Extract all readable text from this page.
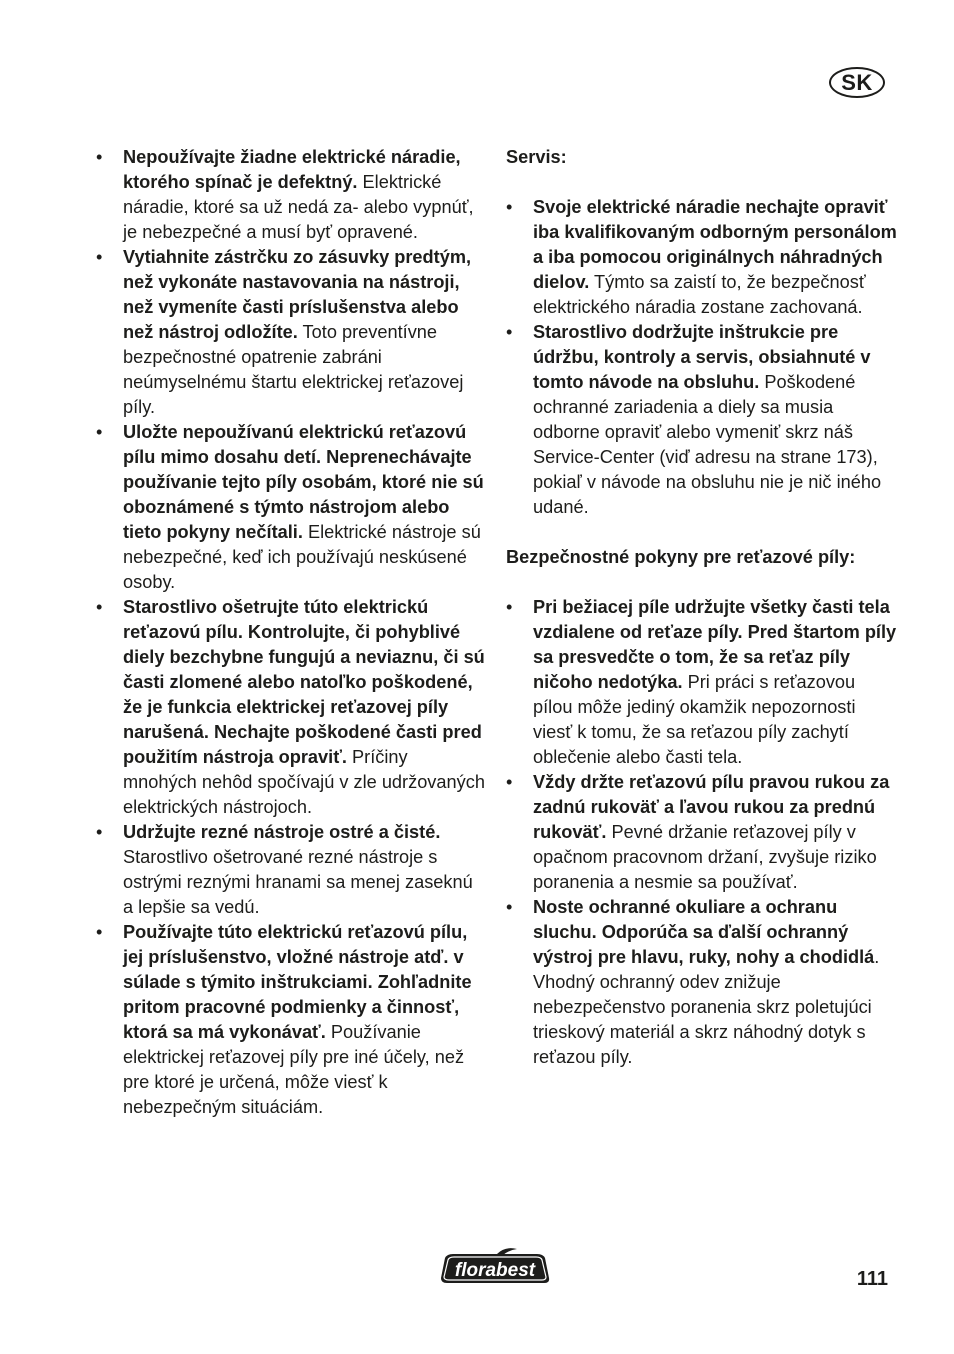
SK
• Nepoužívajte žiadne elektrické náradie, ktorého spínač je defektný. Elektrické náradie, ktoré sa už nedá za- alebo vypnúť, je nebezpečné a musí byť opravené.
• Vytiahnite zástrčku zo zásuvky predtým, než vykonáte nastavovania na nástroji, než vymeníte časti príslušenstva alebo než nástroj odložíte. Toto preventívne bezpečnostné opatrenie zabráni neúmyselnému štartu elektrickej reťazovej píly.
• Uložte nepoužívanú elektrickú reťazovú pílu mimo dosahu detí. Neprenechávajte používanie tejto píly osobám, ktoré nie sú oboznámené s týmto nástrojom alebo tieto pokyny nečítali. Elektrické nástroje sú nebezpečné, keď ich používajú neskúsené osoby.
• Starostlivo ošetrujte túto elektrickú reťazovú pílu. Kontrolujte, či pohyblivé diely bezchybne fungujú a neviaznu, či sú časti zlomené alebo natoľko poškodené, že je funkcia elektrickej reťazovej píly narušená. Nechajte poškodené časti pred použitím nástroja opraviť. Príčiny mnohých nehôd spočívajú v zle udržovaných elektrických nástrojoch.
• Udržujte rezné nástroje ostré a čisté. Starostlivo ošetrované rezné nástroje s ostrými reznými hranami sa menej zaseknú a lepšie sa vedú.
• Používajte túto elektrickú reťazovú pílu, jej príslušenstvo, vložné nástroje atď. v súlade s týmito inštrukciami. Zohľadnite pritom pracovné podmienky a činnosť, ktorá sa má vykonávať. Používanie elektrickej reťazovej píly pre iné účely, než pre ktoré je určená, môže viesť k nebezpečným situáciám.

Servis:

• Svoje elektrické náradie nechajte opraviť iba kvalifikovaným odborným personálom a iba pomocou originálnych náhradných dielov. Týmto sa zaistí to, že bezpečnosť elektrického náradia zostane zachovaná.
• Starostlivo dodržujte inštrukcie pre údržbu, kontroly a servis, obsiahnuté v tomto návode na obsluhu. Poškodené ochranné zariadenia a diely sa musia odborne opraviť alebo vymeniť skrz náš Service-Center (viď adresu na strane 173), pokiaľ v návode na obsluhu nie je nič iného udané.

Bezpečnostné pokyny pre reťazové píly:

• Pri bežiacej píle udržujte všetky časti tela vzdialene od reťaze píly. Pred štartom píly sa presvedčte o tom, že sa reťaz píly ničoho nedotýka. Pri práci s reťazovou pílou môže jediný okamžik nepozornosti viesť k tomu, že sa reťazou píly zachytí oblečenie alebo časti tela.
• Vždy držte reťazovú pílu pravou rukou za zadnú rukoväť a ľavou rukou za prednú rukoväť. Pevné držanie reťazovej píly v opačnom pracovnom držaní, zvyšuje riziko poranenia a nesmie sa používať.
• Noste ochranné okuliare a ochranu sluchu. Odporúča sa ďalší ochranný výstroj pre hlavu, ruky, nohy a chodidlá. Vhodný ochranný odev znižuje nebezpečenstvo poranenia skrz poletujúci trieskový materiál a skrz náhodný dotyk s reťazou píly.
florabest	111
